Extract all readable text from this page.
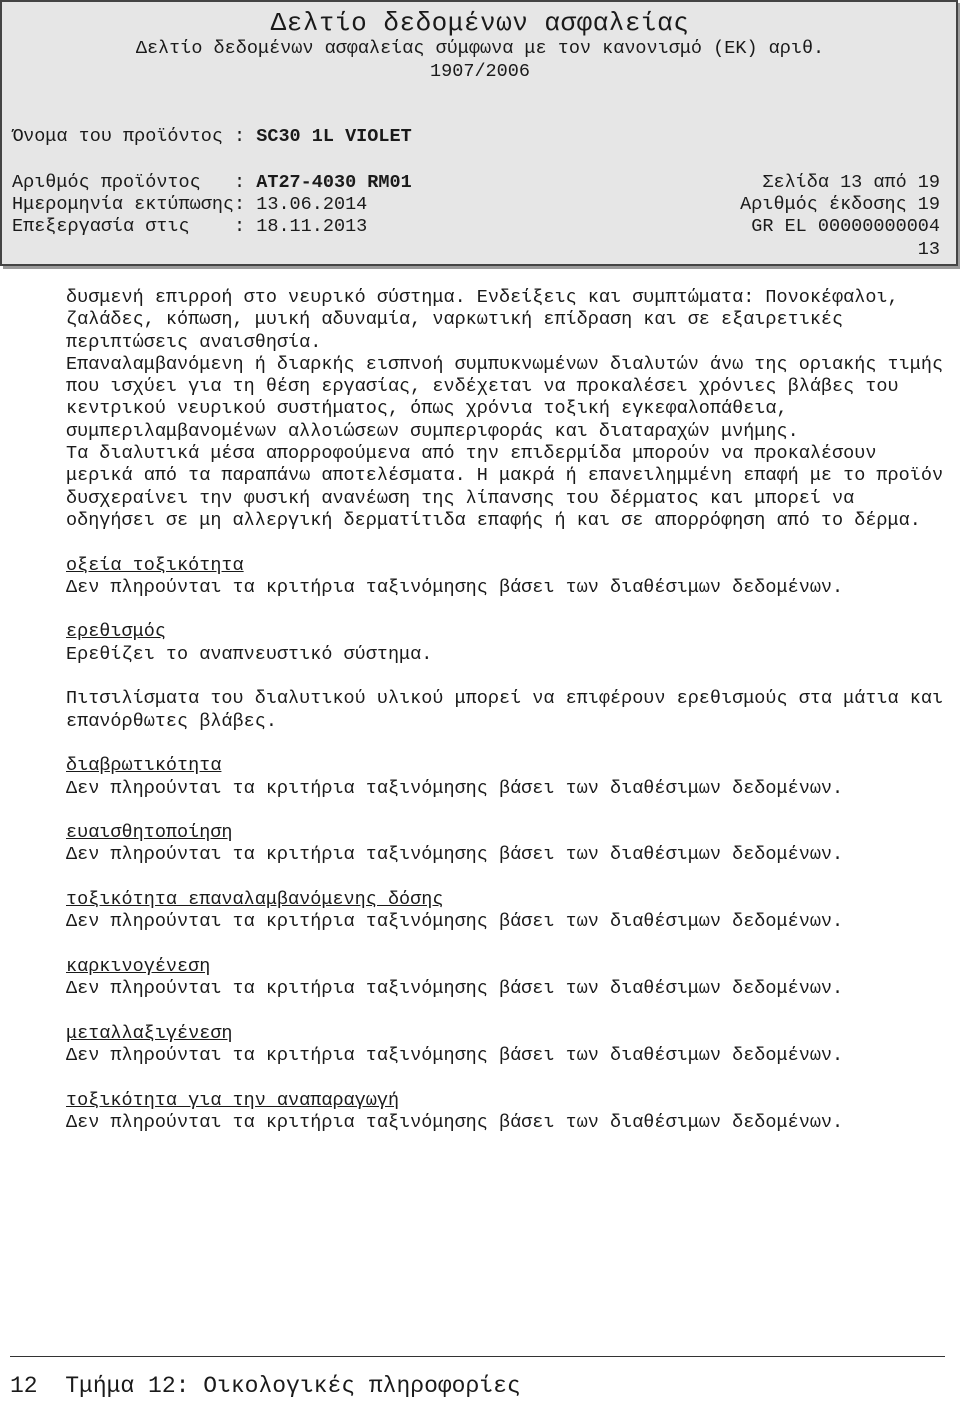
Δελτίο δεδομένων ασφαλείας
Δελτίο δεδομένων ασφαλείας σύμφωνα με τον κανονισμό (ΕΚ) αριθ.
1907/2006
Όνομα του προϊόντος : SC30 1L VIOLET
Αριθμός προϊόντος   : AT27-4030 RM01	Σελίδα 13 από 19
Ημερομηνία εκτύπωσης: 13.06.2014	Αριθμός έκδοσης 19
Επεξεργασία στις    : 18.11.2013	GR EL 00000000004
13

δυσμενή επιρροή στο νευρικό σύστημα. Ενδείξεις και συμπτώματα: Πονοκέφαλοι, ζαλάδες, κόπωση, μυική αδυναμία, ναρκωτική επίδραση και σε εξαιρετικές περιπτώσεις αναισθησία.

Επαναλαμβανόμενη ή διαρκής εισπνοή συμπυκνωμένων διαλυτών άνω της οριακής τιμής που ισχύει για τη θέση εργασίας, ενδέχεται να προκαλέσει χρόνιες βλάβες του κεντρικού νευρικού συστήματος, όπως χρόνια τοξική εγκεφαλοπάθεια, συμπεριλαμβανομένων αλλοιώσεων συμπεριφοράς και διαταραχών μνήμης.

Τα διαλυτικά μέσα απορροφούμενα από την επιδερμίδα μπορούν να προκαλέσουν μερικά από τα παραπάνω αποτελέσματα. Η μακρά ή επανειλημμένη επαφή με το προϊόν δυσχεραίνει την φυσική ανανέωση της λίπανσης του δέρματος και μπορεί να οδηγήσει σε μη αλλεργική δερματίτιδα επαφής ή και σε απορρόφηση από το δέρμα.

οξεία τοξικότητα
Δεν πληρούνται τα κριτήρια ταξινόμησης βάσει των διαθέσιμων δεδομένων.
ερεθισμός
Ερεθίζει το αναπνευστικό σύστημα.
Πιτσιλίσματα του διαλυτικού υλικού μπορεί να επιφέρουν ερεθισμούς στα μάτια και επανόρθωτες βλάβες.
διαβρωτικότητα
Δεν πληρούνται τα κριτήρια ταξινόμησης βάσει των διαθέσιμων δεδομένων.
ευαισθητοποίηση
Δεν πληρούνται τα κριτήρια ταξινόμησης βάσει των διαθέσιμων δεδομένων.
τοξικότητα επαναλαμβανόμενης δόσης
Δεν πληρούνται τα κριτήρια ταξινόμησης βάσει των διαθέσιμων δεδομένων.
καρκινογένεση
Δεν πληρούνται τα κριτήρια ταξινόμησης βάσει των διαθέσιμων δεδομένων.
μεταλλαξιγένεση
Δεν πληρούνται τα κριτήρια ταξινόμησης βάσει των διαθέσιμων δεδομένων.
τοξικότητα για την αναπαραγωγή
Δεν πληρούνται τα κριτήρια ταξινόμησης βάσει των διαθέσιμων δεδομένων.
12 Τμήμα 12: Οικολογικές πληροφορίες
